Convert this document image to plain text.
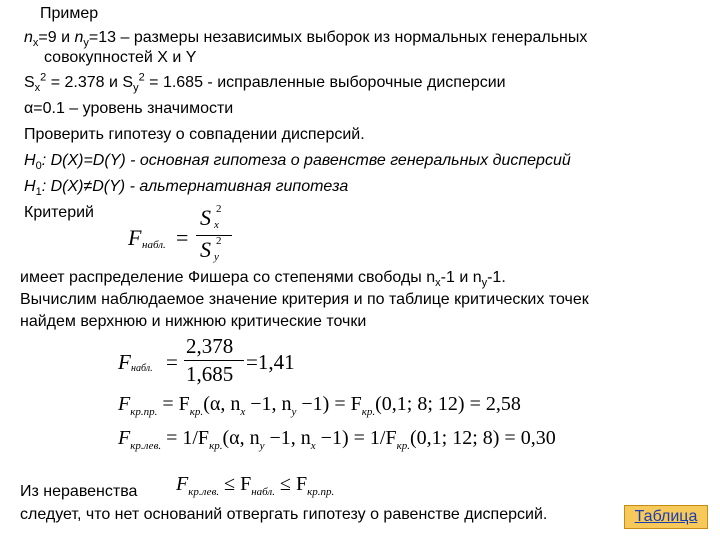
Пример
$n_x=9$ и $n_y=13$ – размеры независимых выборок из нормальных генеральных
совокупностей X и Y
$S_x^2 = 2.378$ и $S_y^2 = 1.685$ - исправленные выборочные дисперсии
α=0.1 – уровень значимости
Проверить гипотезу о совпадении дисперсий.
$H_0$: D(X)=D(Y) - основная гипотеза о равенстве генеральных дисперсий
$H_1$: D(X)≠D(Y) - альтернативная гипотеза
Критерий
F набл. =
S x
2
S y
2
имеет распределение Фишера со степенями свободы $n_x-1$ и $n_y-1$.
Вычислим наблюдаемое значение критерия и по таблице критических точек
найдем верхнюю и нижнюю критические точки
F набл. =
2,378
1,685 =1,41
$F_{кр.пр.} = F_{кр.}(\alpha$, $n_x -1$, $n_y -1) = F_{кр.}(0,1$; 8; 12) = 2,58
$F_{кр.лев.} = 1/F_{кр.}(\alpha$, $n_y -1$, $n_x -1) = 1/F_{кр.}(0,1$; 12; 8) = 0,30
Из неравенства $F_{кр.лев.} \le F_{набл.} \le F_{кр.пр.}$
следует, что нет оснований отвергать гипотезу о равенстве дисперсий.	Таблица
